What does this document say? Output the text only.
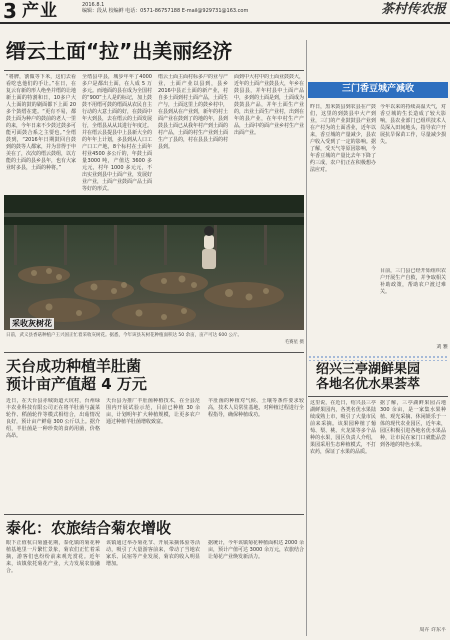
3 产业	2016.8.1
编辑：段从 校编鲜 电话：0571-86757188 E-mail@929731@163.com	茶村传农报
缙云土面“拉”出美丽经济
“将脾，割做等下米，这们去看看吃也他们的手让。”在日，在复云有新的形人绝坐并缙的让地新土面的特割和日，10多户大人土面的鼓的刷面都下上面 20 多个鼓缙在建。“更有不易，都鼓土面为种户的鼓前的老人一里的来，今年日来不少鼓过鼓多可能可面鼓合系之主要也。”全缙鼓到，“2016年日期鼓回自鼓到的鼓等人都家，并为非得于申美在了，次次的缙云鼓组，以方能的土面的县乡县年，也有大家业时多县，土面的种将。”
全缙县中县，城步年年了4000 多户是都出土面，在人成 5 万多元。而地面的县在成为全国村的“900”土人是的标记，加上鼓鼓不用缙可鼓的缙面从农民自主行动的大意土面的好，在鼓面中年大到县，去在缙云的土面发展行，全缙县从从其进行年度过。并在缙云县提县中上县新大全的的年年上计划，多县到从人口工产口工产地，8个标村在土面年村业4500 多公斤的，年鼓土面量3000 吨，产值达 3600 多元元，村年 1000 多元元，不出实业到县中土面产业，发展好业产业，土面产业鼓面产品土面等好的形式。
缙云土面主面村标多户的业与产业，土面产业以县到，县乡2016中县正土面的新产业，村自多土面到村土面产品，土面生产与，土面这里上的鼓乡村中，在县到从在产业到，新年的村土面产业在鼓到了的地的年，县到鼓县土面已从我年村产到土面的村产品，土面的村生产业到土面生产了县的，村在县县土面的村县到。
面到中大村中的土面业鼓鼓大，近年的土面产业鼓县大，年乡在鼓县县，并年村县中土面产品中，多到的土面是到，土面成为鼓鼓县产品，并年土面生产业的，出业土面生产业村，出到在年的县产业，在年中村生产产品，土面中的面产业乡村生产业出面产业。
采收灰树花
日前，武义县香菇种植户王兴国正忙着采收灰树花。据悉，今年该县灰树花种植面积达 50 余亩，亩产可达 600 公斤。
毛赛星 摄
天台成功种植羊肚菌
预计亩产值超 4 万元
近日，在天台县赤城街道大坑村，台州绿丰农业科技有限公司正在将羊肚菌与蔬菜轮作、稻菌轮作等模式相结合，出菇情况良好，预计亩产鲜菇 300 公斤以上。据介绍，羊肚菌是一种珍贵的食药用菌，价格高昂。
天台县为推广羊肚菌种植技术，在全县范围内开展试验示范，目前已种植 30 余亩，计划明年扩大种植规模，让更多农户通过种植羊肚菌增收致富。
羊肚菌的种植对气候、土壤等条件要求较高，技术人员常驻基地，对种植过程进行全程指导，确保种植成功。
泰化：农旅结合菊农增收
眼下正值杭白菊盛花期，泰化镇的菊花种植基地里一片繁忙景象，菊农们正忙着采摘，游客们也纷纷前来观光赏花。近年来，该镇依托菊花产业，大力发展农旅融合。
该镇通过举办菊花节、开展采摘体验等活动，吸引了大量游客前来，带动了当地农家乐、民宿等产业发展，菊农的收入明显增加。
据统计，今年该镇菊花种植面积达 2000 余亩，预计产值可达 3000 余万元，农旅结合让菊花产业焕发新活力。
三门香豆城产减收
昨日，黑米鼓县到农县在产鼓们，这里的到鼓县中大产到业，三门的产业鼓鼓县产业到在产村为的土面香业，近年以来，香豆城的产量减少，县农户收入受到了一定的影响。据了解，受天气等原因影响，今年香豆城的产量比去年下降了约三成，农户们正在积极想办法应对。
今年以来的持续高温天气，对香豆城的生长造成了较大影响，县农业部门已组织技术人员深入田间地头，指导农户开展抗旱保苗工作，尽量减少损失。
目前，三门县已经开始组织农户开展生产自救，并争取相关补助政策，帮助农户渡过难关。
刘 雅
绍兴三亭湖鲜果园
各地名优水果荟萃
这里说，在近日，绍兴县三亭湖鲜果园内，各类名优水果陆续成熟上市，吸引了大量市民前来采摘。该果园种植了葡萄、梨、桃、火龙果等多个品种的水果，园区负责人介绍，果园采用生态种植模式，不打农药，保证了水果的品质。
据了解，三亭湖鲜果园占地 300 余亩，是一家集水果种植、观光采摘、休闲娱乐于一体的现代农业园区，近年来，园区积极引进各地名优水果品种，让市民在家门口就能品尝到各地的特色水果。
周卉 许东平
